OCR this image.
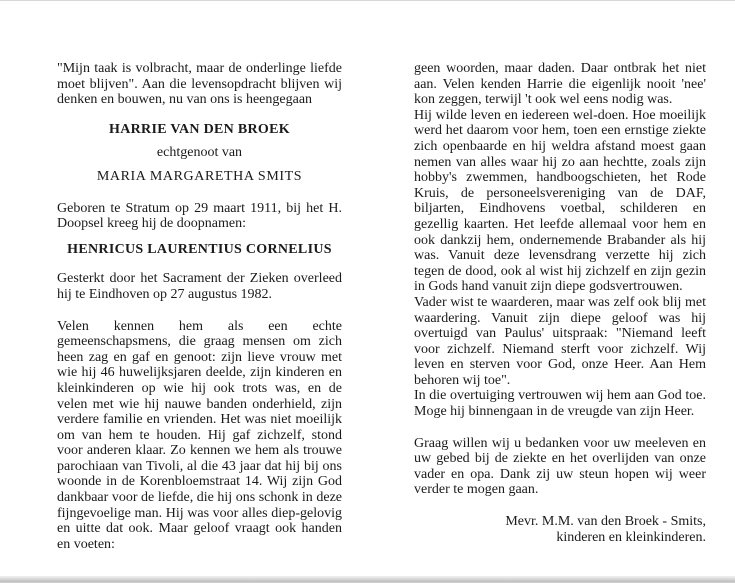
"Mijn taak is volbracht, maar de onderlinge liefde moet blijven". Aan die levensopdracht blijven wij denken en bouwen, nu van ons is heengegaan

HARRIE VAN DEN BROEK

echtgenoot van

MARIA MARGARETHA SMITS

Geboren te Stratum op 29 maart 1911, bij het H. Doopsel kreeg hij de doopnamen:

HENRICUS LAURENTIUS CORNELIUS

Gesterkt door het Sacrament der Zieken overleed hij te Eindhoven op 27 augustus 1982.

Velen kennen hem als een echte gemeenschapsmens, die graag mensen om zich heen zag en gaf en genoot: zijn lieve vrouw met wie hij 46 huwelijksjaren deelde, zijn kinderen en kleinkinderen op wie hij ook trots was, en de velen met wie hij nauwe banden onderhield, zijn verdere familie en vrienden. Het was niet moeilijk om van hem te houden. Hij gaf zichzelf, stond voor anderen klaar. Zo kennen we hem als trouwe parochiaan van Tivoli, al die 43 jaar dat hij bij ons woonde in de Korenbloemstraat 14. Wij zijn God dankbaar voor de liefde, die hij ons schonk in deze fijngevoelige man. Hij was voor alles diep-gelovig en uitte dat ook. Maar geloof vraagt ook handen en voeten:

geen woorden, maar daden. Daar ontbrak het niet aan. Velen kenden Harrie die eigenlijk nooit 'nee' kon zeggen, terwijl 't ook wel eens nodig was.

Hij wilde leven en iedereen wel-doen. Hoe moeilijk werd het daarom voor hem, toen een ernstige ziekte zich openbaarde en hij weldra afstand moest gaan nemen van alles waar hij zo aan hechtte, zoals zijn hobby's zwemmen, handboogschieten, het Rode Kruis, de personeelsvereniging van de DAF, biljarten, Eindhovens voetbal, schilderen en gezellig kaarten. Het leefde allemaal voor hem en ook dankzij hem, ondernemende Brabander als hij was. Vanuit deze levensdrang verzette hij zich tegen de dood, ook al wist hij zichzelf en zijn gezin in Gods hand vanuit zijn diepe godsvertrouwen.

Vader wist te waarderen, maar was zelf ook blij met waardering. Vanuit zijn diepe geloof was hij overtuigd van Paulus' uitspraak: "Niemand leeft voor zichzelf. Niemand sterft voor zichzelf. Wij leven en sterven voor God, onze Heer. Aan Hem behoren wij toe".

In die overtuiging vertrouwen wij hem aan God toe. Moge hij binnengaan in de vreugde van zijn Heer.

Graag willen wij u bedanken voor uw meeleven en uw gebed bij de ziekte en het overlijden van onze vader en opa. Dank zij uw steun hopen wij weer verder te mogen gaan.

Mevr. M.M. van den Broek - Smits,

kinderen en kleinkinderen.
